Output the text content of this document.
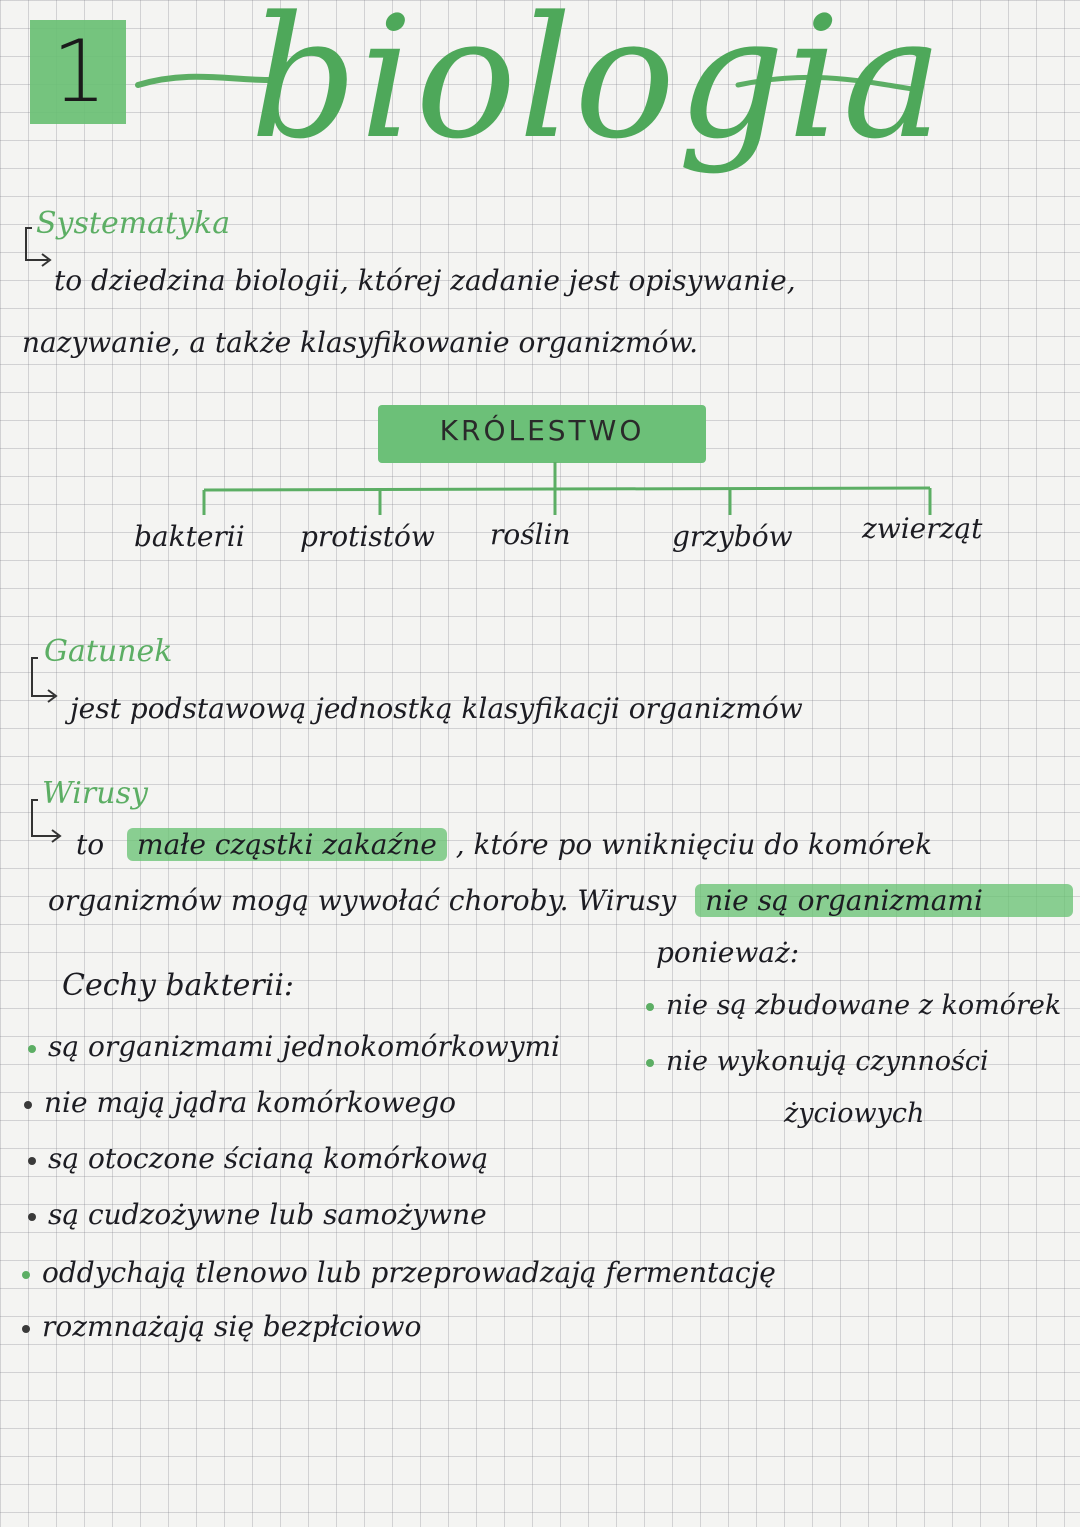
1 biologia
Systematyka
to dziedzina biologii, której zadanie jest opisywanie,
nazywanie, a także klasyfikowanie organizmów.
KRÓLESTWO
bakterii protistów roślin	grzybów zwierząt
Gatunek
jest podstawową jednostką klasyfikacji organizmów
Wirusy
to małe cząstki zakaźne , które po wniknięciu do komórek
organizmów mogą wywołać choroby. Wirusy nie są organizmami
ponieważ:
nie są zbudowane z komórek
nie wykonują czynności
życiowych
Cechy bakterii:
są organizmami jednokomórkowymi
nie mają jądra komórkowego
są otoczone ścianą komórkową
są cudzożywne lub samożywne
oddychają tlenowo lub przeprowadzają fermentację
rozmnażają się bezpłciowo
